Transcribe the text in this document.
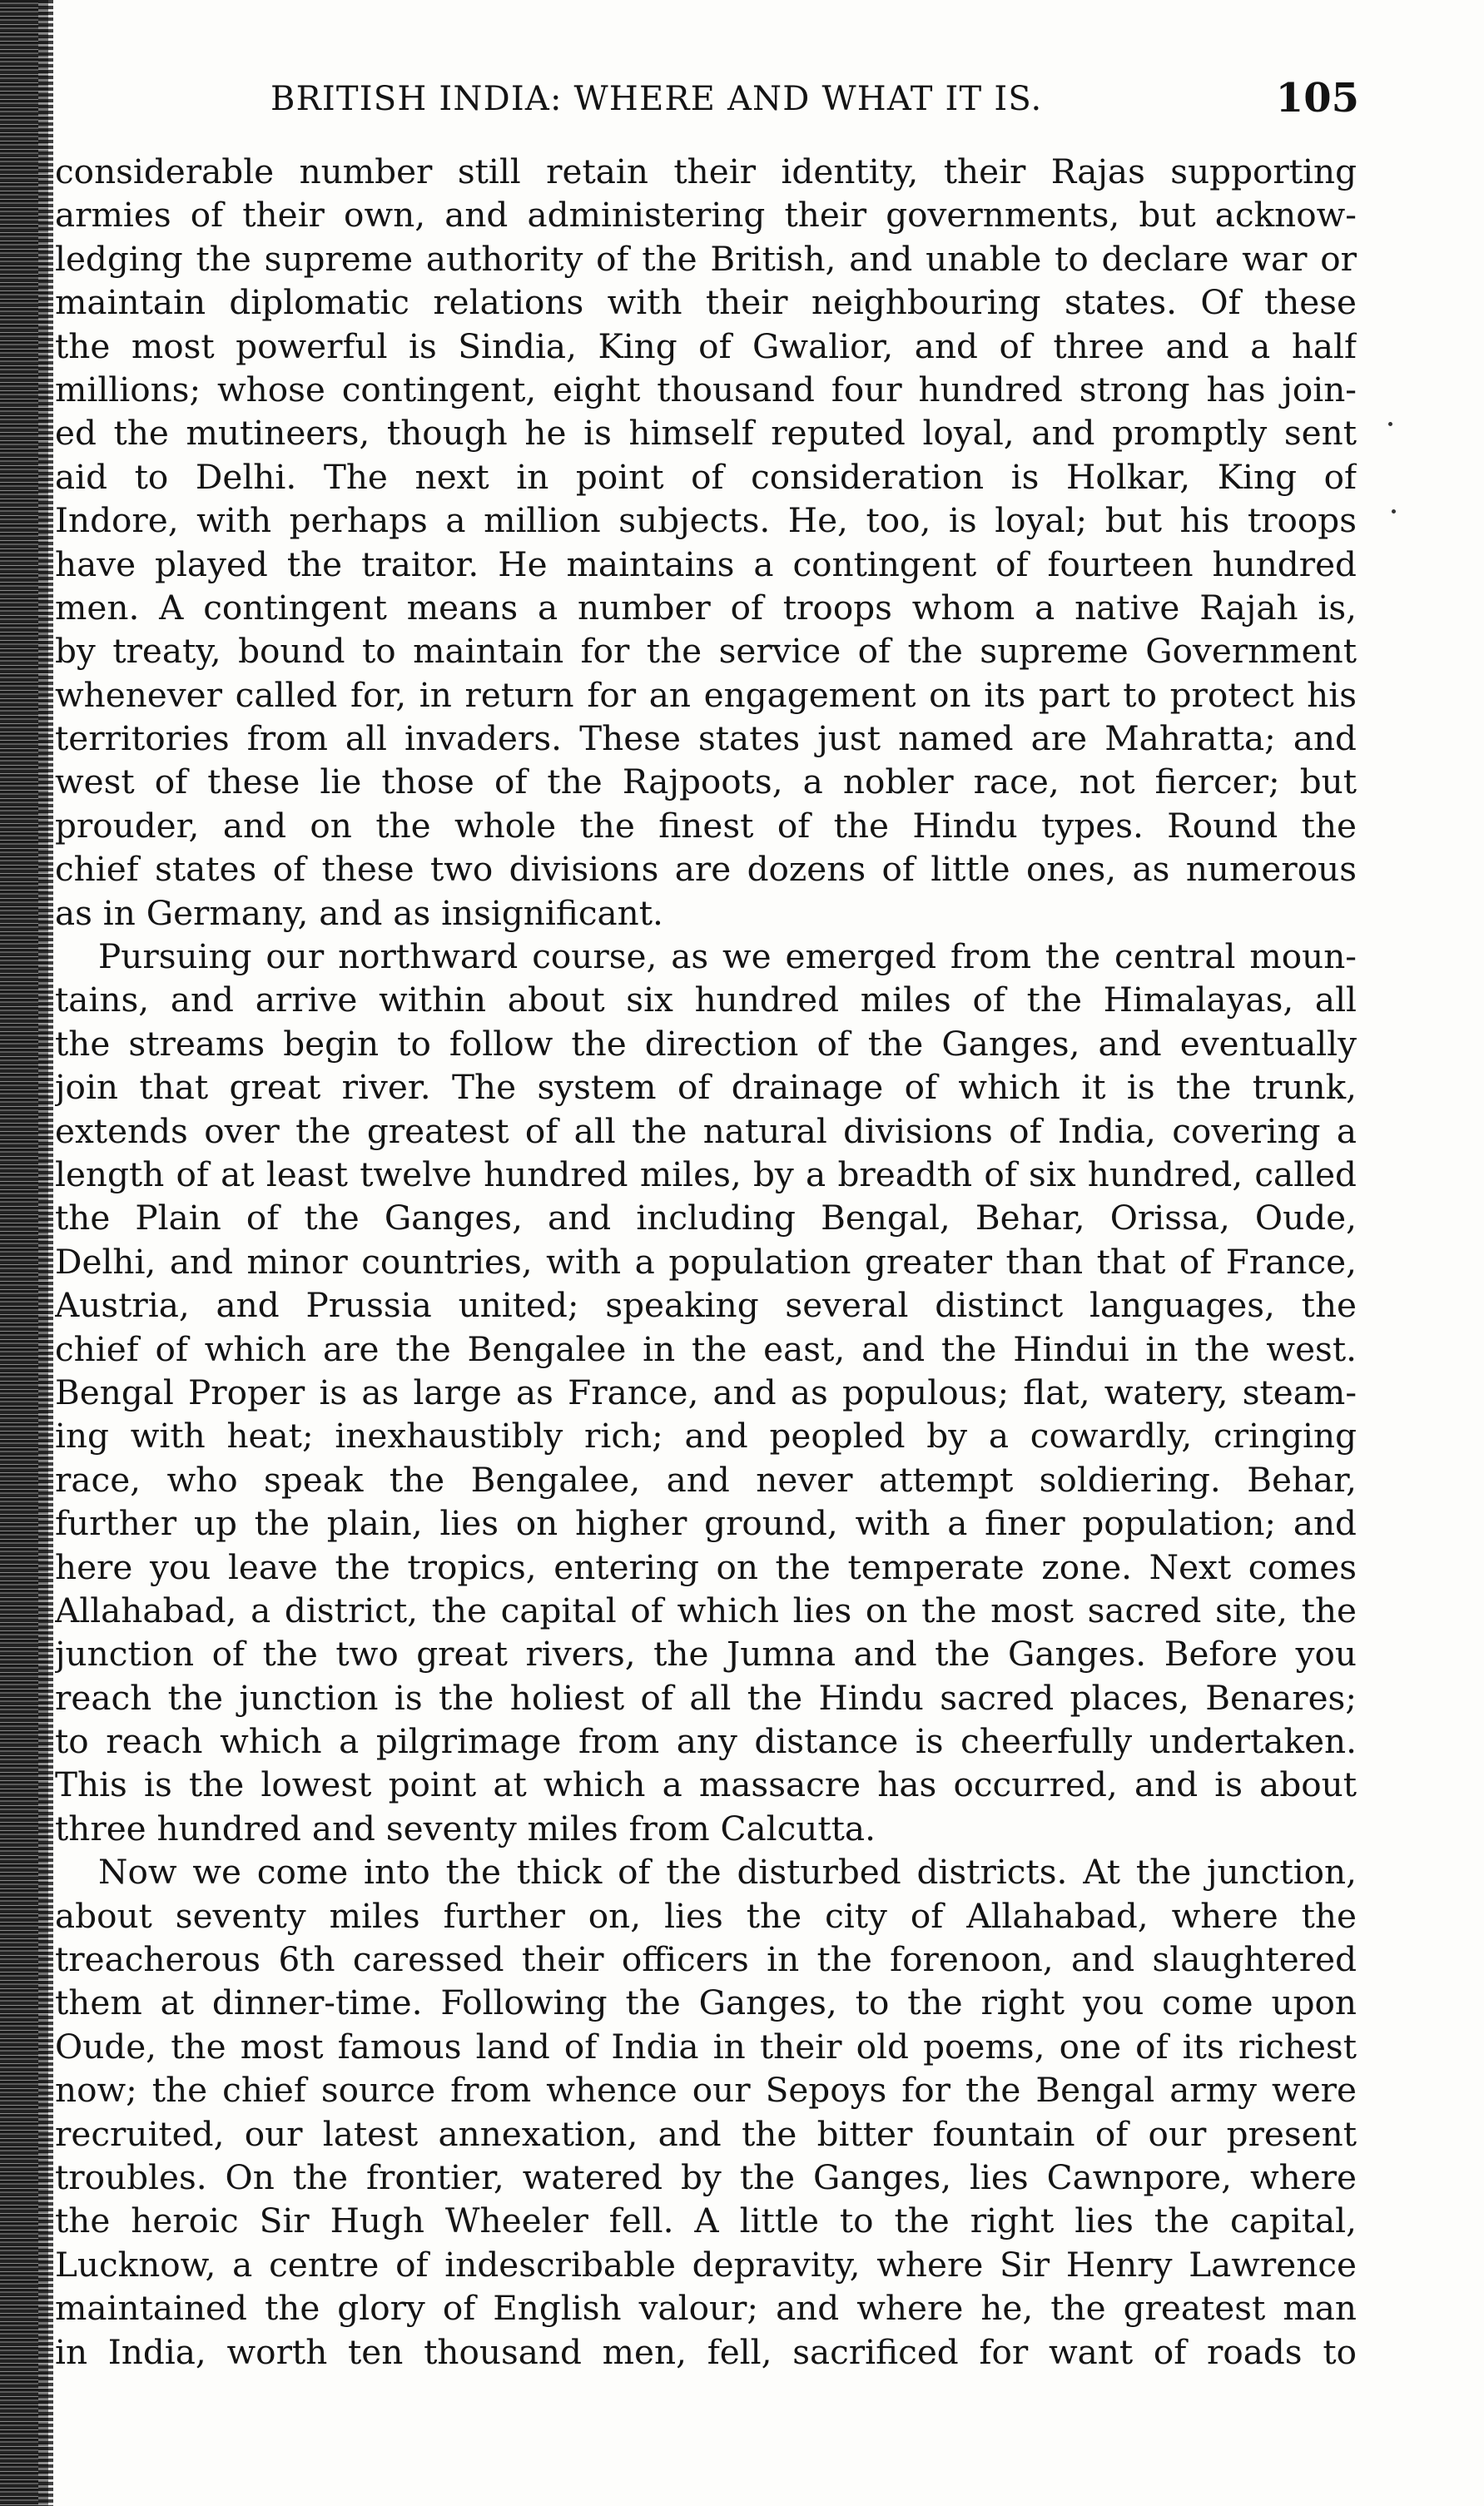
BRITISH INDIA: WHERE AND WHAT IT IS.	105
considerable number still retain their identity, their Rajas supporting
armies of their own, and administering their governments, but acknow-
ledging the supreme authority of the British, and unable to declare war or
maintain diplomatic relations with their neighbouring states. Of these
the most powerful is Sindia, King of Gwalior, and of three and a half
millions; whose contingent, eight thousand four hundred strong has join-
ed the mutineers, though he is himself reputed loyal, and promptly sent
aid to Delhi. The next in point of consideration is Holkar, King of
Indore, with perhaps a million subjects. He, too, is loyal; but his troops
have played the traitor. He maintains a contingent of fourteen hundred
men. A contingent means a number of troops whom a native Rajah is,
by treaty, bound to maintain for the service of the supreme Government
whenever called for, in return for an engagement on its part to protect his
territories from all invaders. These states just named are Mahratta; and
west of these lie those of the Rajpoots, a nobler race, not fiercer; but
prouder, and on the whole the finest of the Hindu types. Round the
chief states of these two divisions are dozens of little ones, as numerous
as in Germany, and as insignificant.
Pursuing our northward course, as we emerged from the central moun-
tains, and arrive within about six hundred miles of the Himalayas, all
the streams begin to follow the direction of the Ganges, and eventually
join that great river. The system of drainage of which it is the trunk,
extends over the greatest of all the natural divisions of India, covering a
length of at least twelve hundred miles, by a breadth of six hundred, called
the Plain of the Ganges, and including Bengal, Behar, Orissa, Oude,
Delhi, and minor countries, with a population greater than that of France,
Austria, and Prussia united; speaking several distinct languages, the
chief of which are the Bengalee in the east, and the Hindui in the west.
Bengal Proper is as large as France, and as populous; flat, watery, steam-
ing with heat; inexhaustibly rich; and peopled by a cowardly, cringing
race, who speak the Bengalee, and never attempt soldiering. Behar,
further up the plain, lies on higher ground, with a finer population; and
here you leave the tropics, entering on the temperate zone. Next comes
Allahabad, a district, the capital of which lies on the most sacred site, the
junction of the two great rivers, the Jumna and the Ganges. Before you
reach the junction is the holiest of all the Hindu sacred places, Benares;
to reach which a pilgrimage from any distance is cheerfully undertaken.
This is the lowest point at which a massacre has occurred, and is about
three hundred and seventy miles from Calcutta.
Now we come into the thick of the disturbed districts. At the junction,
about seventy miles further on, lies the city of Allahabad, where the
treacherous 6th caressed their officers in the forenoon, and slaughtered
them at dinner-time. Following the Ganges, to the right you come upon
Oude, the most famous land of India in their old poems, one of its richest
now; the chief source from whence our Sepoys for the Bengal army were
recruited, our latest annexation, and the bitter fountain of our present
troubles. On the frontier, watered by the Ganges, lies Cawnpore, where
the heroic Sir Hugh Wheeler fell. A little to the right lies the capital,
Lucknow, a centre of indescribable depravity, where Sir Henry Lawrence
maintained the glory of English valour; and where he, the greatest man
in India, worth ten thousand men, fell, sacrificed for want of roads to
